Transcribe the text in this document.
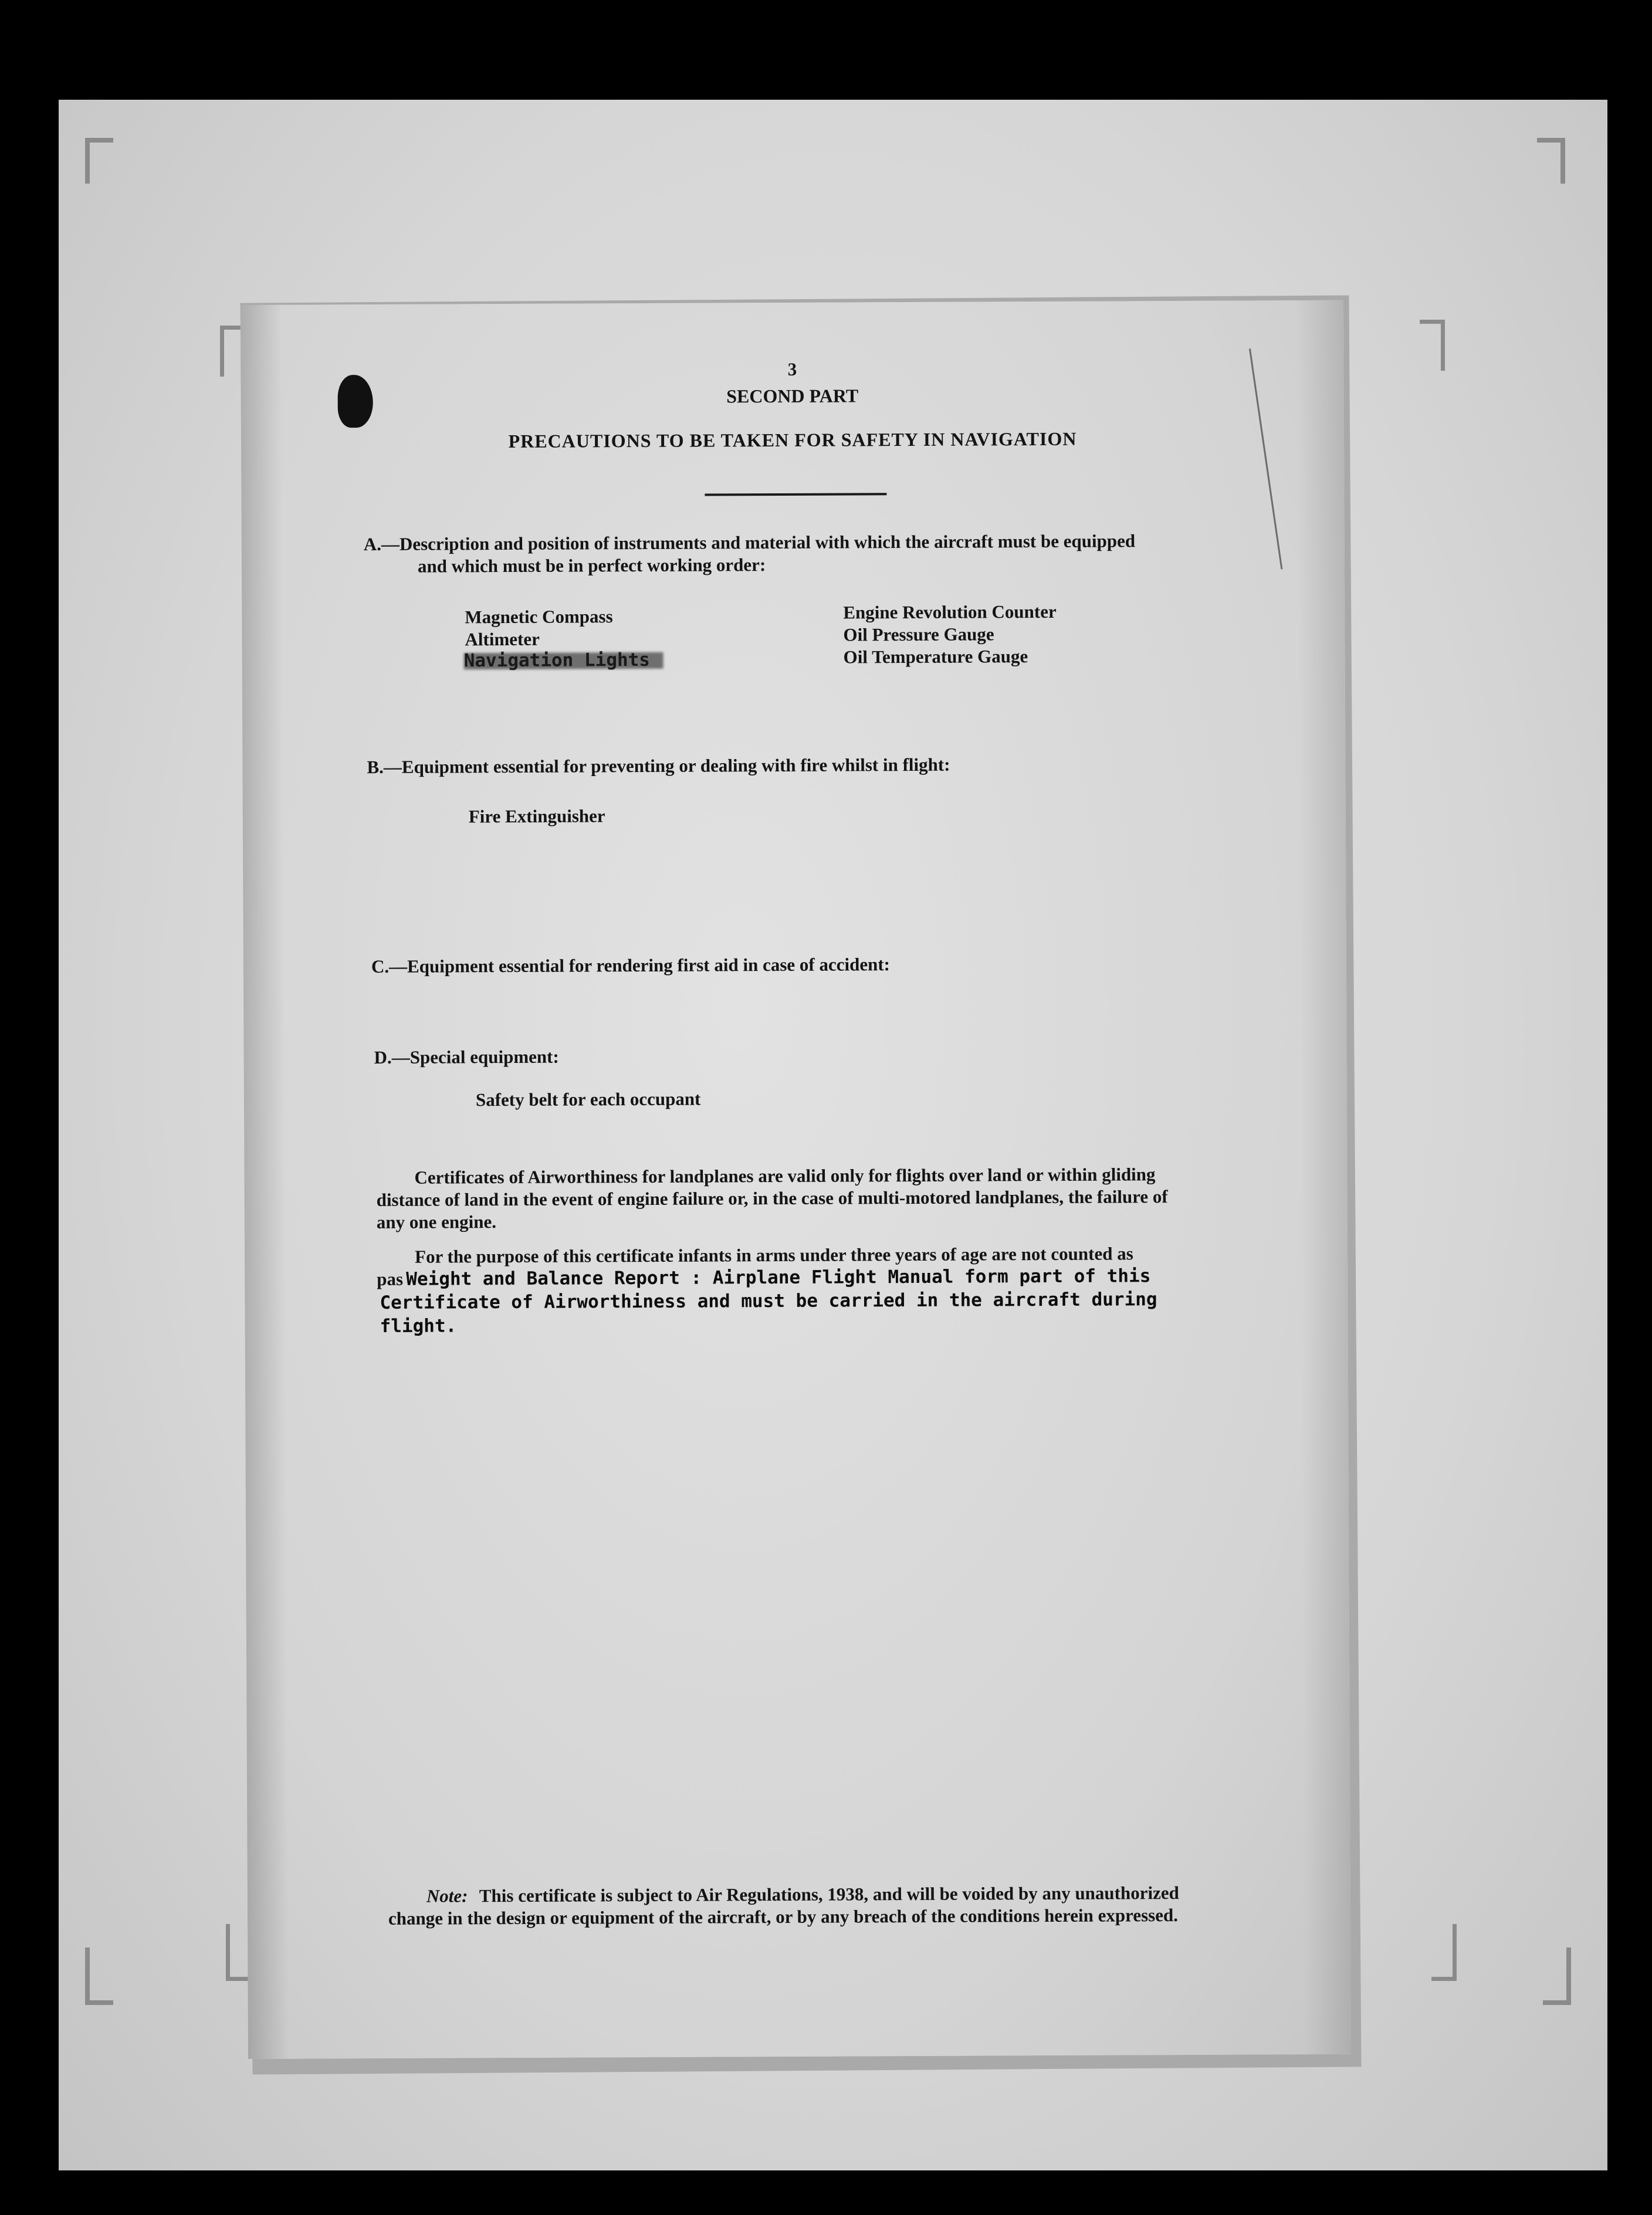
3

SECOND PART

PRECAUTIONS TO BE TAKEN FOR SAFETY IN NAVIGATION

A.—Description and position of instruments and material with which the aircraft must be equipped

and which must be in perfect working order:

Magnetic Compass

Altimeter

Engine Revolution Counter

Oil Pressure Gauge

Oil Temperature Gauge

B.—Equipment essential for preventing or dealing with fire whilst in flight:

Fire Extinguisher

C.—Equipment essential for rendering first aid in case of accident:

D.—Special equipment:

Safety belt for each occupant

Certificates of Airworthiness for landplanes are valid only for flights over land or within gliding

distance of land in the event of engine failure or, in the case of multi-motored landplanes, the failure of

any one engine.

For the purpose of this certificate infants in arms under three years of age are not counted as

pas Weight and Balance Report : Airplane Flight Manual form part of this

Certificate of Airworthiness and must be carried in the aircraft during

flight.

Note: This certificate is subject to Air Regulations, 1938, and will be voided by any unauthorized

change in the design or equipment of the aircraft, or by any breach of the conditions herein expressed.
